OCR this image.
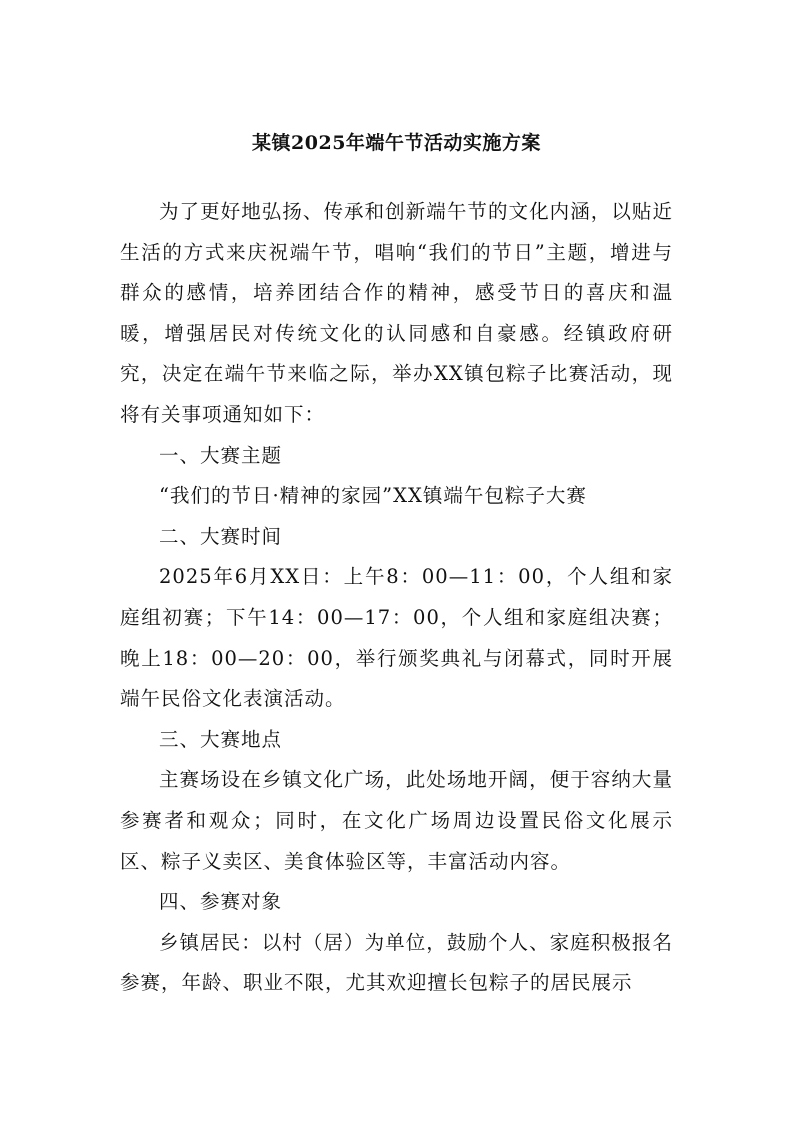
某镇2025年端午节活动实施方案

为了更好地弘扬、传承和创新端午节的文化内涵，以贴近生活的方式来庆祝端午节，唱响“我们的节日”主题，增进与群众的感情，培养团结合作的精神，感受节日的喜庆和温暖，增强居民对传统文化的认同感和自豪感。经镇政府研究，决定在端午节来临之际，举办XX镇包粽子比赛活动，现将有关事项通知如下：

一、大赛主题

“我们的节日·精神的家园”XX镇端午包粽子大赛

二、大赛时间

2025年6月XX日：上午8：00—11：00，个人组和家庭组初赛；下午14：00—17：00，个人组和家庭组决赛；晚上18：00—20：00，举行颁奖典礼与闭幕式，同时开展端午民俗文化表演活动。

三、大赛地点

主赛场设在乡镇文化广场，此处场地开阔，便于容纳大量参赛者和观众；同时，在文化广场周边设置民俗文化展示区、粽子义卖区、美食体验区等，丰富活动内容。

四、参赛对象

乡镇居民：以村（居）为单位，鼓励个人、家庭积极报名参赛，年龄、职业不限，尤其欢迎擅长包粽子的居民展示
